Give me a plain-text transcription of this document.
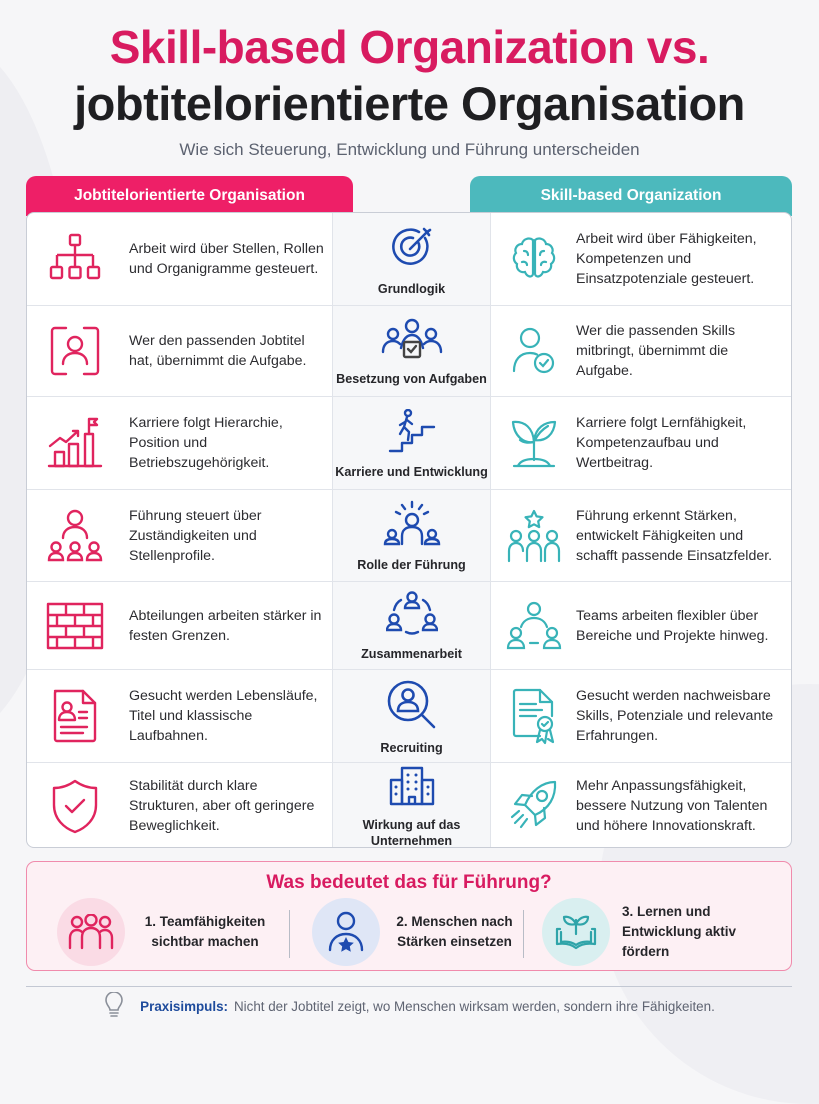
Skill-based Organization vs.
jobtitelorientierte Organisation
Wie sich Steuerung, Entwicklung und Führung unterscheiden
Jobtitelorientierte Organisation	Skill-based Organization
Arbeit wird über Stellen, Rollen und Organigramme gesteuert.
Grundlogik
Arbeit wird über Fähigkeiten, Kompetenzen und Einsatzpotenziale gesteuert.
Wer den passenden Jobtitel hat, übernimmt die Aufgabe.
Besetzung von Aufgaben
Wer die passenden Skills mitbringt, übernimmt die Aufgabe.
Karriere folgt Hierarchie, Position und Betriebszugehörigkeit.
Karriere und Entwicklung
Karriere folgt Lernfähigkeit, Kompetenzaufbau und Wertbeitrag.
Führung steuert über Zuständigkeiten und Stellenprofile.
Rolle der Führung
Führung erkennt Stärken, entwickelt Fähigkeiten und schafft passende Einsatzfelder.
Abteilungen arbeiten stärker in festen Grenzen.
Zusammenarbeit
Teams arbeiten flexibler über Bereiche und Projekte hinweg.
Gesucht werden Lebensläufe, Titel und klassische Laufbahnen.
Recruiting
Gesucht werden nachweisbare Skills, Potenziale und relevante Erfahrungen.
Stabilität durch klare Strukturen, aber oft geringere Beweglichkeit.	Wirkung auf das Unternehmen
Mehr Anpassungsfähigkeit, bessere Nutzung von Talenten und höhere Innovationskraft.
Was bedeutet das für Führung?
1. Teamfähigkeiten sichtbar machen
2. Menschen nach Stärken einsetzen
3. Lernen und Entwicklung aktiv fördern
Praxisimpuls: Nicht der Jobtitel zeigt, wo Menschen wirksam werden, sondern ihre Fähigkeiten.
